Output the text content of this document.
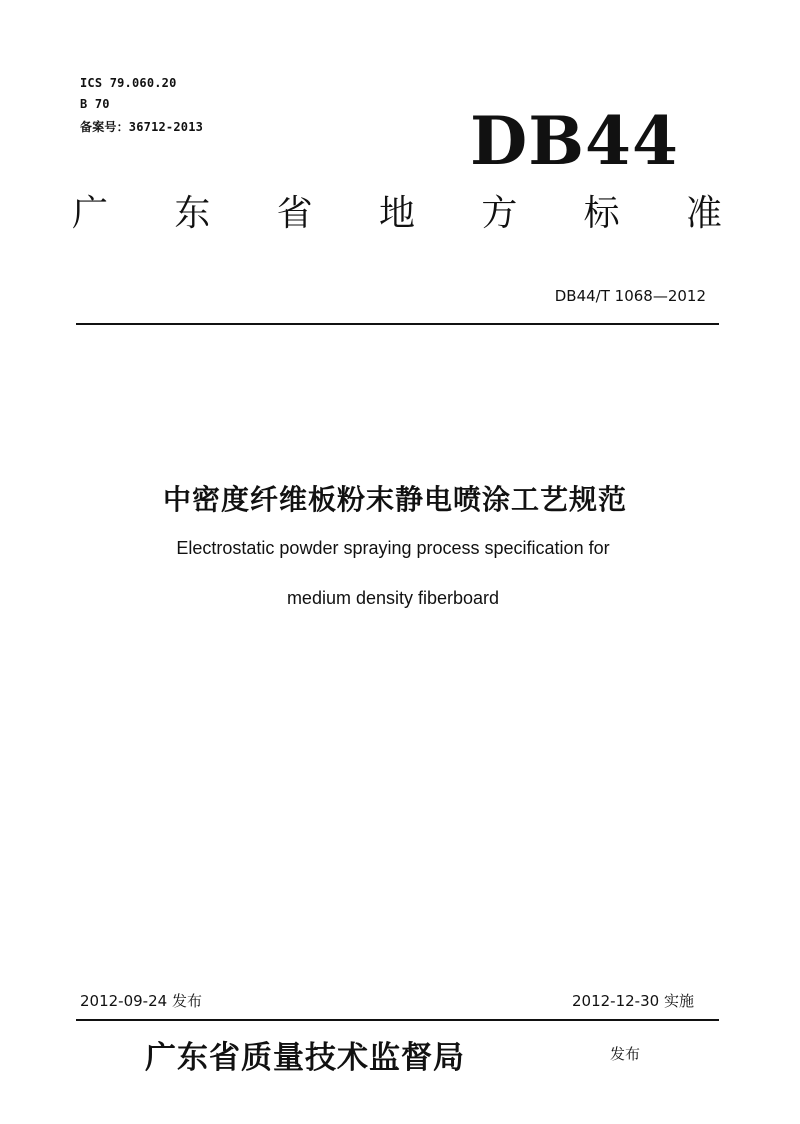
ICS 79.060.20
B 70
备案号：36712-2013	DB44
广 东 省 地 方 标 准
DB44/T 1068—2012
中密度纤维板粉末静电喷涂工艺规范
Electrostatic powder spraying process specification for
medium density fiberboard
2012-09-24 发布	2012-12-30 实施
广东省质量技术监督局	发布
